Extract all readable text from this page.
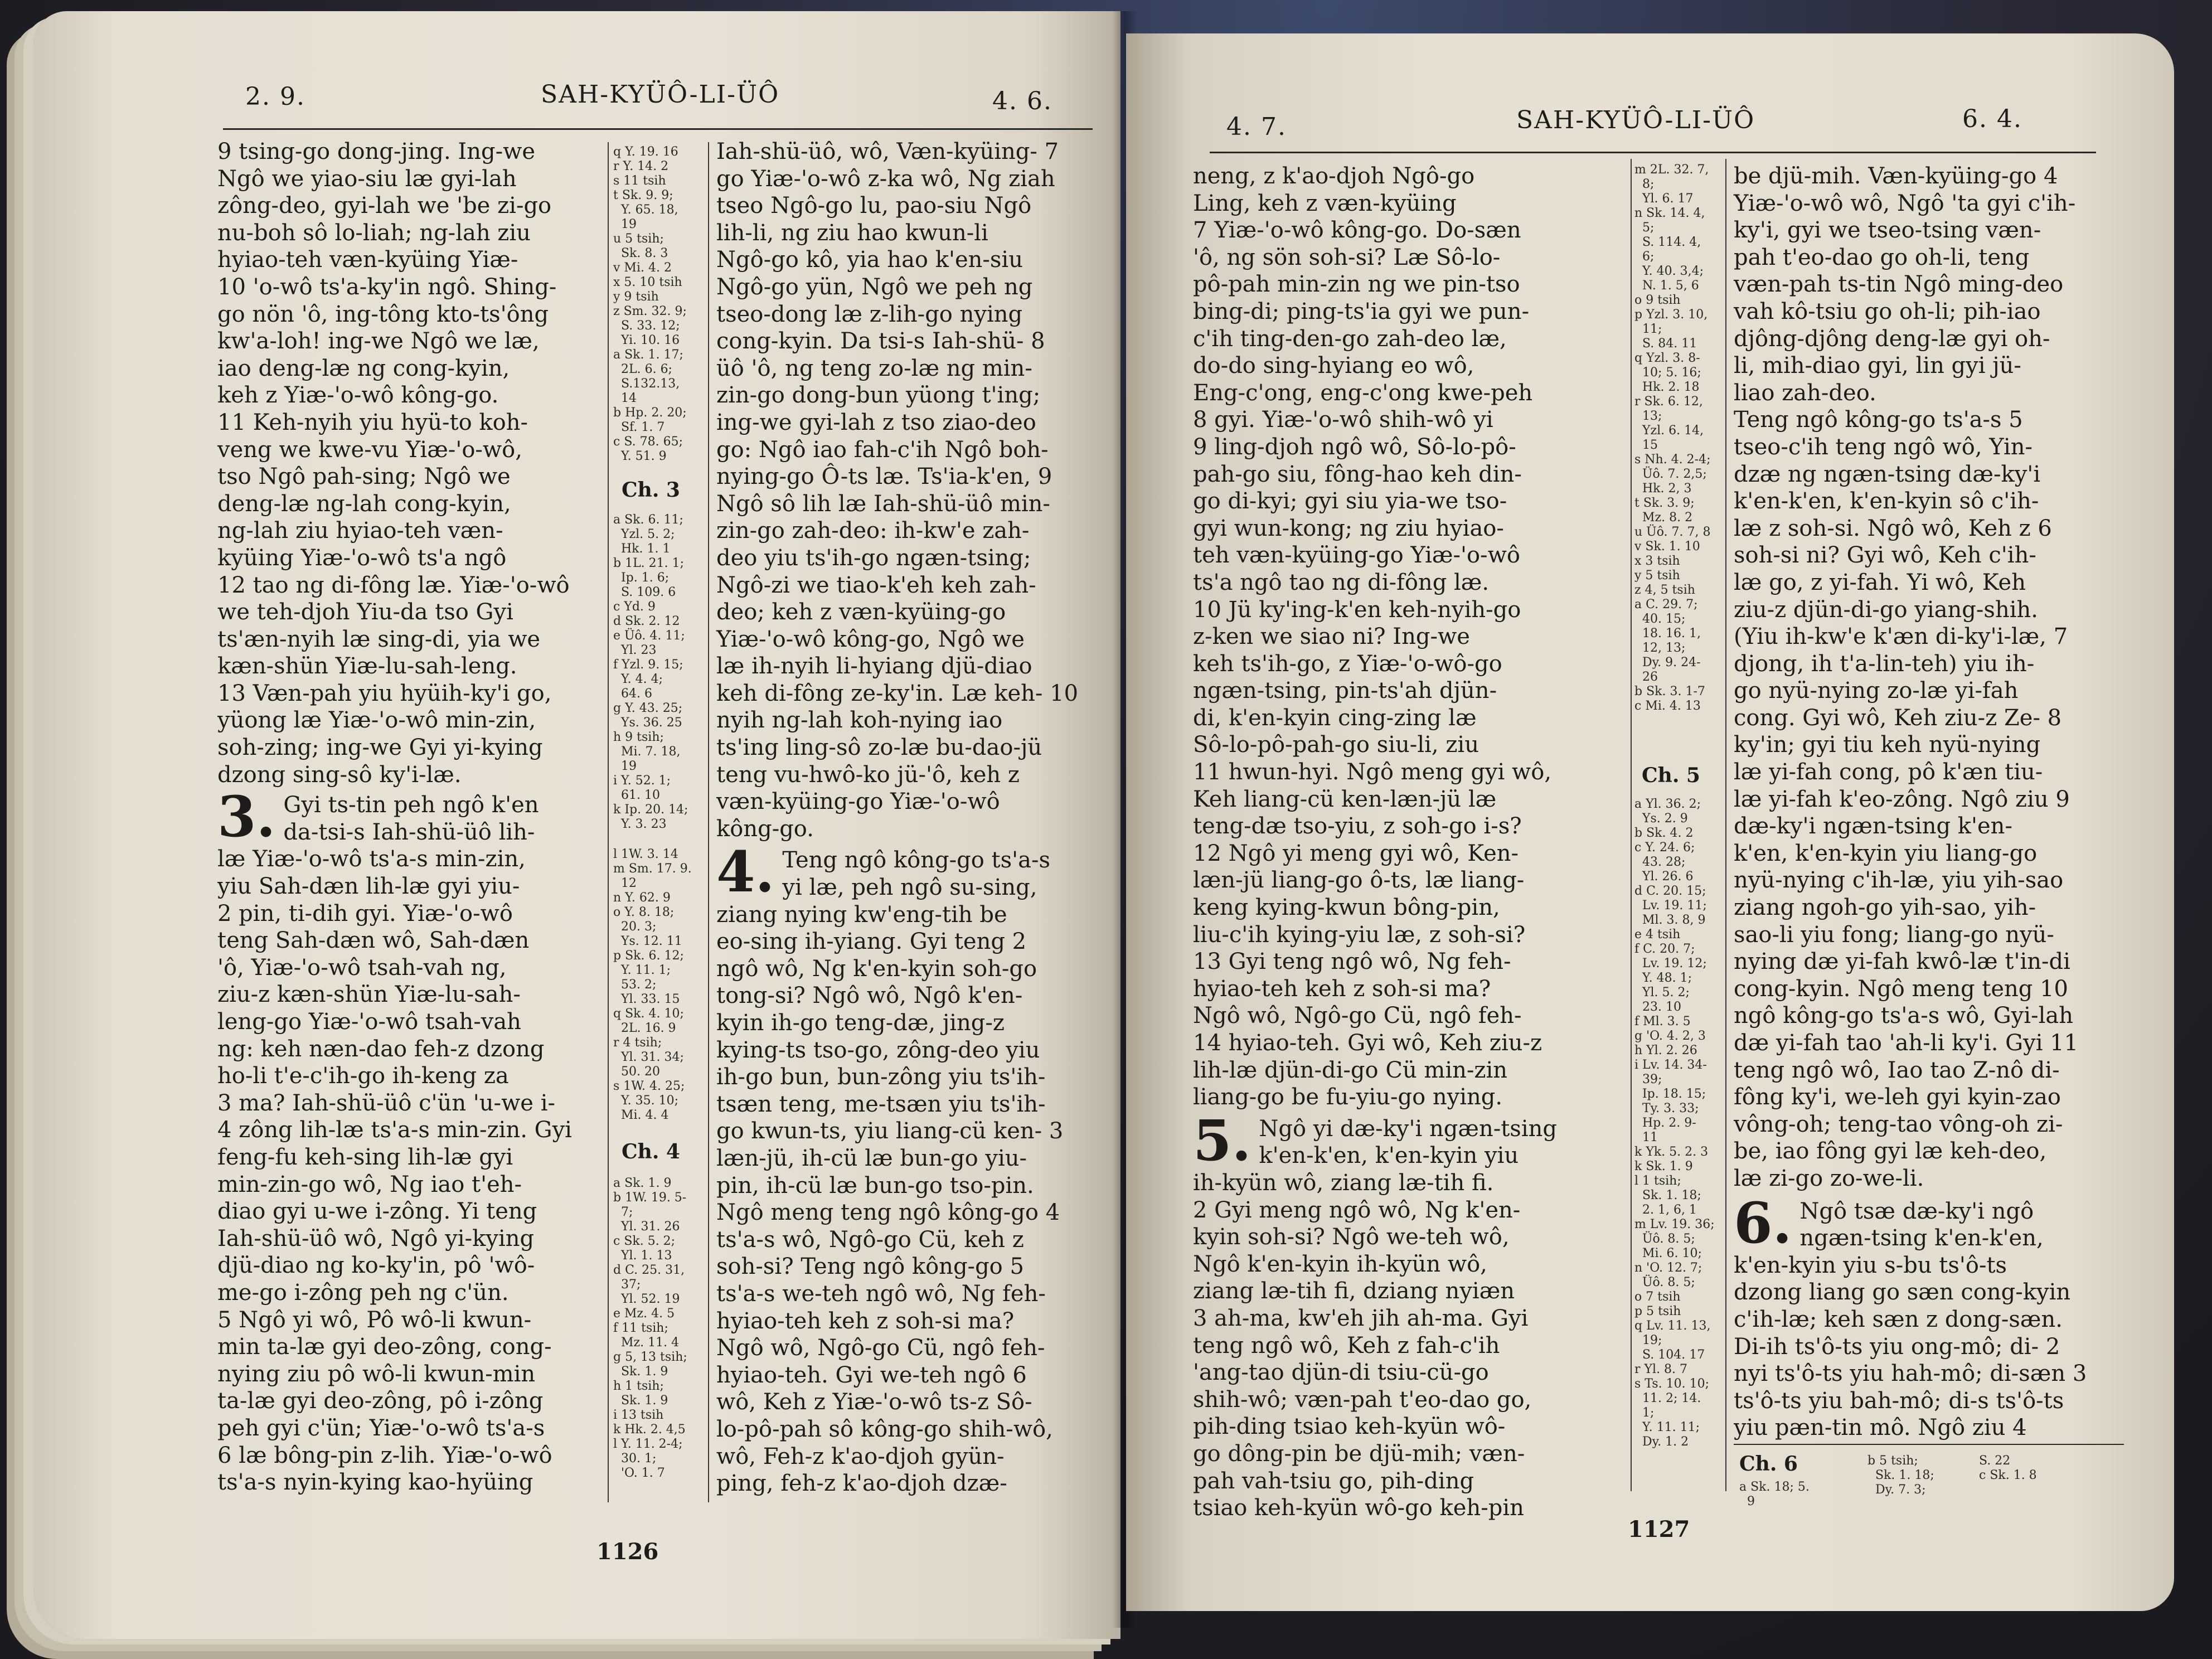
2. 9.	SAH-KYÜÔ-LI-ÜÔ	4. 6.

9 tsing-go dong-jing. Ing-we

Ngô we yiao-siu læ gyi-lah

zông-deo, gyi-lah we 'be zi-go

nu-boh sô lo-liah; ng-lah ziu

hyiao-teh væn-kyüing Yiæ-

10 'o-wô ts'a-ky'in ngô. Shing-

go nön 'ô, ing-tông kto-ts'ông

kw'a-loh! ing-we Ngô we læ,

iao deng-læ ng cong-kyin,

keh z Yiæ-'o-wô kông-go.

11 Keh-nyih yiu hyü-to koh-

veng we kwe-vu Yiæ-'o-wô,

tso Ngô pah-sing; Ngô we

deng-læ ng-lah cong-kyin,

ng-lah ziu hyiao-teh væn-

kyüing Yiæ-'o-wô ts'a ngô

12 tao ng di-fông læ. Yiæ-'o-wô

we teh-djoh Yiu-da tso Gyi

ts'æn-nyih læ sing-di, yia we

kæn-shün Yiæ-lu-sah-leng.

13 Væn-pah yiu hyüih-ky'i go,

yüong læ Yiæ-'o-wô min-zin,

soh-zing; ing-we Gyi yi-kying

dzong sing-sô ky'i-læ.

3. Gyi ts-tin peh ngô k'en

da-tsi-s Iah-shü-üô lih-

læ Yiæ-'o-wô ts'a-s min-zin,

yiu Sah-dæn lih-læ gyi yiu-

2 pin, ti-dih gyi. Yiæ-'o-wô

teng Sah-dæn wô, Sah-dæn

'ô, Yiæ-'o-wô tsah-vah ng,

ziu-z kæn-shün Yiæ-lu-sah-

leng-go Yiæ-'o-wô tsah-vah

ng: keh næn-dao feh-z dzong

ho-li t'e-c'ih-go ih-keng za

3 ma? Iah-shü-üô c'ün 'u-we i-

4 zông lih-læ ts'a-s min-zin. Gyi

feng-fu keh-sing lih-læ gyi

min-zin-go wô, Ng iao t'eh-

diao gyi u-we i-zông. Yi teng

Iah-shü-üô wô, Ngô yi-kying

djü-diao ng ko-ky'in, pô 'wô-

me-go i-zông peh ng c'ün.

5 Ngô yi wô, Pô wô-li kwun-

min ta-læ gyi deo-zông, cong-

nying ziu pô wô-li kwun-min

ta-læ gyi deo-zông, pô i-zông

peh gyi c'ün; Yiæ-'o-wô ts'a-s

6 læ bông-pin z-lih. Yiæ-'o-wô

ts'a-s nyin-kying kao-hyüing

q Y. 19. 16
r Y. 14. 2
s 11 tsih
t Sk. 9. 9;
Y. 65. 18,
19
u 5 tsih;
Sk. 8. 3
v Mi. 4. 2
x 5. 10 tsih
y 9 tsih
z Sm. 32. 9;
S. 33. 12;
Yi. 10. 16
a Sk. 1. 17;
2L. 6. 6;
S.132.13,
14
b Hp. 2. 20;
Sf. 1. 7
c S. 78. 65;
Y. 51. 9
Ch. 3
a Sk. 6. 11;
Yzl. 5. 2;
Hk. 1. 1
b 1L. 21. 1;
Ip. 1. 6;
S. 109. 6
c Yd. 9
d Sk. 2. 12
e Üô. 4. 11;
Yl. 23
f Yzl. 9. 15;
Y. 4. 4;
64. 6
g Y. 43. 25;
Ys. 36. 25
h 9 tsih;
Mi. 7. 18,
19
i Y. 52. 1;
61. 10
k Ip. 20. 14;
Y. 3. 23
l 1W. 3. 14
m Sm. 17. 9.
12
n Y. 62. 9
o Y. 8. 18;
20. 3;
Ys. 12. 11
p Sk. 6. 12;
Y. 11. 1;
53. 2;
Yl. 33. 15
q Sk. 4. 10;
2L. 16. 9
r 4 tsih;
Yl. 31. 34;
50. 20
s 1W. 4. 25;
Y. 35. 10;
Mi. 4. 4
Ch. 4
a Sk. 1. 9
b 1W. 19. 5-
7;
Yl. 31. 26
c Sk. 5. 2;
Yl. 1. 13
d C. 25. 31,
37;
Yl. 52. 19
e Mz. 4. 5
f 11 tsih;
Mz. 11. 4
g 5, 13 tsih;
Sk. 1. 9
h 1 tsih;
Sk. 1. 9
i 13 tsih
k Hk. 2. 4,5
l Y. 11. 2-4;
30. 1;
'O. 1. 7

Iah-shü-üô, wô, Væn-kyüing- 7

go Yiæ-'o-wô z-ka wô, Ng ziah

tseo Ngô-go lu, pao-siu Ngô

lih-li, ng ziu hao kwun-li

Ngô-go kô, yia hao k'en-siu

Ngô-go yün, Ngô we peh ng

tseo-dong læ z-lih-go nying

cong-kyin. Da tsi-s Iah-shü- 8

üô 'ô, ng teng zo-læ ng min-

zin-go dong-bun yüong t'ing;

ing-we gyi-lah z tso ziao-deo

go: Ngô iao fah-c'ih Ngô boh-

nying-go Ô-ts læ. Ts'ia-k'en, 9

Ngô sô lih læ Iah-shü-üô min-

zin-go zah-deo: ih-kw'e zah-

deo yiu ts'ih-go ngæn-tsing;

Ngô-zi we tiao-k'eh keh zah-

deo; keh z væn-kyüing-go

Yiæ-'o-wô kông-go, Ngô we

læ ih-nyih li-hyiang djü-diao

keh di-fông ze-ky'in. Læ keh- 10

nyih ng-lah koh-nying iao

ts'ing ling-sô zo-læ bu-dao-jü

teng vu-hwô-ko jü-'ô, keh z

væn-kyüing-go Yiæ-'o-wô

kông-go.

4. Teng ngô kông-go ts'a-s

yi læ, peh ngô su-sing,

ziang nying kw'eng-tih be

eo-sing ih-yiang. Gyi teng 2

ngô wô, Ng k'en-kyin soh-go

tong-si? Ngô wô, Ngô k'en-

kyin ih-go teng-dæ, jing-z

kying-ts tso-go, zông-deo yiu

ih-go bun, bun-zông yiu ts'ih-

tsæn teng, me-tsæn yiu ts'ih-

go kwun-ts, yiu liang-cü ken- 3

læn-jü, ih-cü læ bun-go yiu-

pin, ih-cü læ bun-go tso-pin.

Ngô meng teng ngô kông-go 4

ts'a-s wô, Ngô-go Cü, keh z

soh-si? Teng ngô kông-go 5

ts'a-s we-teh ngô wô, Ng feh-

hyiao-teh keh z soh-si ma?

Ngô wô, Ngô-go Cü, ngô feh-

hyiao-teh. Gyi we-teh ngô 6

wô, Keh z Yiæ-'o-wô ts-z Sô-

lo-pô-pah sô kông-go shih-wô,

wô, Feh-z k'ao-djoh gyün-

ping, feh-z k'ao-djoh dzæ-

1126
4. 7.	SAH-KYÜÔ-LI-ÜÔ	6. 4.

neng, z k'ao-djoh Ngô-go

Ling, keh z væn-kyüing

7 Yiæ-'o-wô kông-go. Do-sæn

'ô, ng sön soh-si? Læ Sô-lo-

pô-pah min-zin ng we pin-tso

bing-di; ping-ts'ia gyi we pun-

c'ih ting-den-go zah-deo læ,

do-do sing-hyiang eo wô,

Eng-c'ong, eng-c'ong kwe-peh

8 gyi. Yiæ-'o-wô shih-wô yi

9 ling-djoh ngô wô, Sô-lo-pô-

pah-go siu, fông-hao keh din-

go di-kyi; gyi siu yia-we tso-

gyi wun-kong; ng ziu hyiao-

teh væn-kyüing-go Yiæ-'o-wô

ts'a ngô tao ng di-fông læ.

10 Jü ky'ing-k'en keh-nyih-go

z-ken we siao ni? Ing-we

keh ts'ih-go, z Yiæ-'o-wô-go

ngæn-tsing, pin-ts'ah djün-

di, k'en-kyin cing-zing læ

Sô-lo-pô-pah-go siu-li, ziu

11 hwun-hyi. Ngô meng gyi wô,

Keh liang-cü ken-læn-jü læ

teng-dæ tso-yiu, z soh-go i-s?

12 Ngô yi meng gyi wô, Ken-

læn-jü liang-go ô-ts, læ liang-

keng kying-kwun bông-pin,

liu-c'ih kying-yiu læ, z soh-si?

13 Gyi teng ngô wô, Ng feh-

hyiao-teh keh z soh-si ma?

Ngô wô, Ngô-go Cü, ngô feh-

14 hyiao-teh. Gyi wô, Keh ziu-z

lih-læ djün-di-go Cü min-zin

liang-go be fu-yiu-go nying.

5. Ngô yi dæ-ky'i ngæn-tsing

k'en-k'en, k'en-kyin yiu

ih-kyün wô, ziang læ-tih fi.

2 Gyi meng ngô wô, Ng k'en-

kyin soh-si? Ngô we-teh wô,

Ngô k'en-kyin ih-kyün wô,

ziang læ-tih fi, dziang nyiæn

3 ah-ma, kw'eh jih ah-ma. Gyi

teng ngô wô, Keh z fah-c'ih

'ang-tao djün-di tsiu-cü-go

shih-wô; væn-pah t'eo-dao go,

pih-ding tsiao keh-kyün wô-

go dông-pin be djü-mih; væn-

pah vah-tsiu go, pih-ding

tsiao keh-kyün wô-go keh-pin

m 2L. 32. 7,
8;
Yl. 6. 17
n Sk. 14. 4,
5;
S. 114. 4,
6;
Y. 40. 3,4;
N. 1. 5, 6
o 9 tsih
p Yzl. 3. 10,
11;
S. 84. 11
q Yzl. 3. 8-
10; 5. 16;
Hk. 2. 18
r Sk. 6. 12,
13;
Yzl. 6. 14,
15
s Nh. 4. 2-4;
Üô. 7. 2,5;
Hk. 2, 3
t Sk. 3. 9;
Mz. 8. 2
u Üô. 7. 7, 8
v Sk. 1. 10
x 3 tsih
y 5 tsih
z 4, 5 tsih
a C. 29. 7;
40. 15;
18. 16. 1,
12, 13;
Dy. 9. 24-
26
b Sk. 3. 1-7
c Mi. 4. 13
Ch. 5
a Yl. 36. 2;
Ys. 2. 9
b Sk. 4. 2
c Y. 24. 6;
43. 28;
Yl. 26. 6
d C. 20. 15;
Lv. 19. 11;
Ml. 3. 8, 9
e 4 tsih
f C. 20. 7;
Lv. 19. 12;
Y. 48. 1;
Yl. 5. 2;
23. 10
f Ml. 3. 5
g 'O. 4. 2, 3
h Yl. 2. 26
i Lv. 14. 34-
39;
Ip. 18. 15;
Ty. 3. 33;
Hp. 2. 9-
11
k Yk. 5. 2. 3
k Sk. 1. 9
l 1 tsih;
Sk. 1. 18;
2. 1, 6, 1
m Lv. 19. 36;
Üô. 8. 5;
Mi. 6. 10;
n 'O. 12. 7;
Üô. 8. 5;
o 7 tsih
p 5 tsih
q Lv. 11. 13,
19;
S. 104. 17
r Yl. 8. 7
s Ts. 10. 10;
11. 2; 14.
1;
Y. 11. 11;
Dy. 1. 2

be djü-mih. Væn-kyüing-go 4

Yiæ-'o-wô wô, Ngô 'ta gyi c'ih-

ky'i, gyi we tseo-tsing væn-

pah t'eo-dao go oh-li, teng

væn-pah ts-tin Ngô ming-deo

vah kô-tsiu go oh-li; pih-iao

djông-djông deng-læ gyi oh-

li, mih-diao gyi, lin gyi jü-

liao zah-deo.

Teng ngô kông-go ts'a-s 5

tseo-c'ih teng ngô wô, Yin-

dzæ ng ngæn-tsing dæ-ky'i

k'en-k'en, k'en-kyin sô c'ih-

læ z soh-si. Ngô wô, Keh z 6

soh-si ni? Gyi wô, Keh c'ih-

læ go, z yi-fah. Yi wô, Keh

ziu-z djün-di-go yiang-shih.

(Yiu ih-kw'e k'æn di-ky'i-læ, 7

djong, ih t'a-lin-teh) yiu ih-

go nyü-nying zo-læ yi-fah

cong. Gyi wô, Keh ziu-z Ze- 8

ky'in; gyi tiu keh nyü-nying

læ yi-fah cong, pô k'æn tiu-

læ yi-fah k'eo-zông. Ngô ziu 9

dæ-ky'i ngæn-tsing k'en-

k'en, k'en-kyin yiu liang-go

nyü-nying c'ih-læ, yiu yih-sao

ziang ngoh-go yih-sao, yih-

sao-li yiu fong; liang-go nyü-

nying dæ yi-fah kwô-læ t'in-di

cong-kyin. Ngô meng teng 10

ngô kông-go ts'a-s wô, Gyi-lah

dæ yi-fah tao 'ah-li ky'i. Gyi 11

teng ngô wô, Iao tao Z-nô di-

fông ky'i, we-leh gyi kyin-zao

vông-oh; teng-tao vông-oh zi-

be, iao fông gyi læ keh-deo,

læ zi-go zo-we-li.

6. Ngô tsæ dæ-ky'i ngô

ngæn-tsing k'en-k'en,

k'en-kyin yiu s-bu ts'ô-ts

dzong liang go sæn cong-kyin

c'ih-læ; keh sæn z dong-sæn.

Di-ih ts'ô-ts yiu ong-mô; di- 2

nyi ts'ô-ts yiu hah-mô; di-sæn 3

ts'ô-ts yiu bah-mô; di-s ts'ô-ts

yiu pæn-tin mô. Ngô ziu 4

Ch. 6
a Sk. 18; 5.
9
b 5 tsih;
Sk. 1. 18;
Dy. 7. 3;
S. 22
c Sk. 1. 8
1127
